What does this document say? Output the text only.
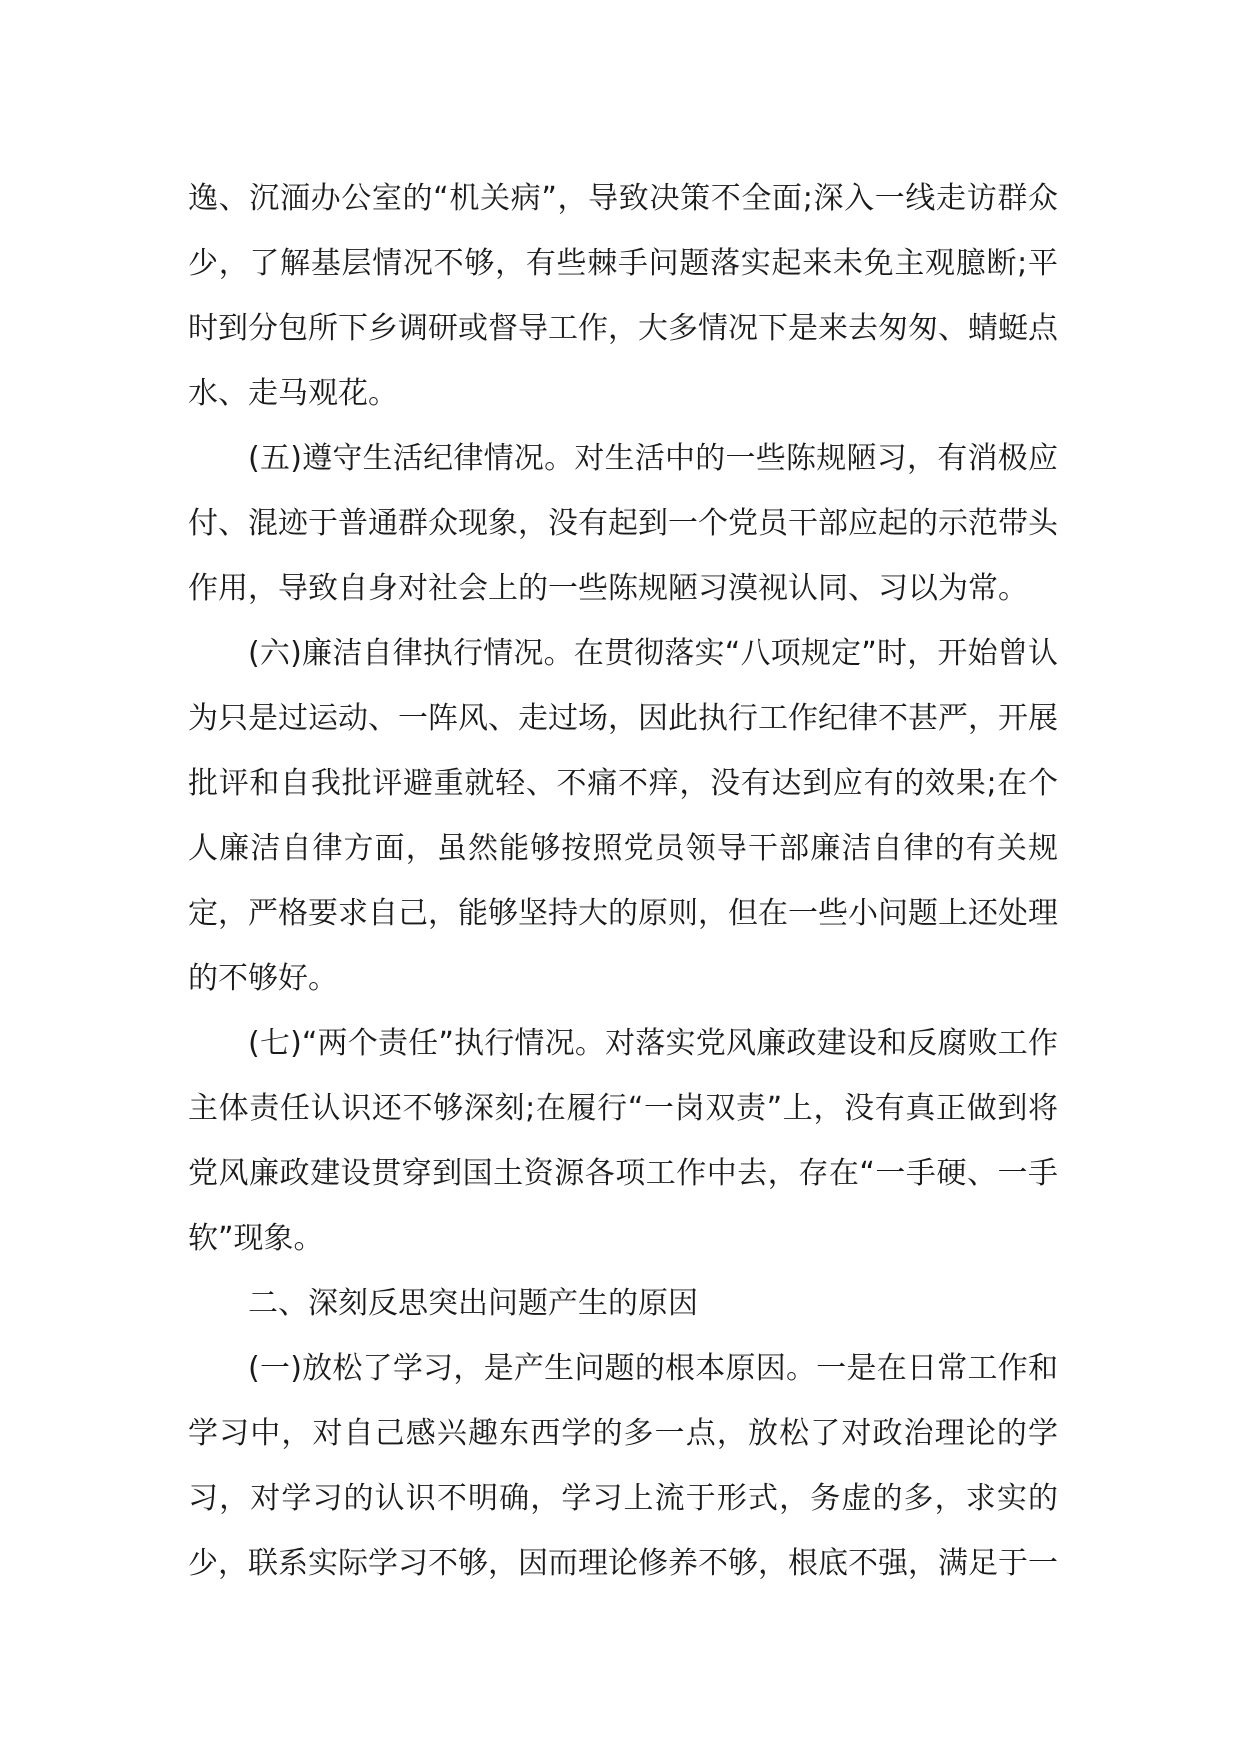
逸、沉湎办公室的“机关病”，导致决策不全面;深入一线走访群众少，了解基层情况不够，有些棘手问题落实起来未免主观臆断;平时到分包所下乡调研或督导工作，大多情况下是来去匆匆、蜻蜓点水、走马观花。

(五)遵守生活纪律情况。对生活中的一些陈规陋习，有消极应付、混迹于普通群众现象，没有起到一个党员干部应起的示范带头作用，导致自身对社会上的一些陈规陋习漠视认同、习以为常。

(六)廉洁自律执行情况。在贯彻落实“八项规定”时，开始曾认为只是过运动、一阵风、走过场，因此执行工作纪律不甚严，开展批评和自我批评避重就轻、不痛不痒，没有达到应有的效果;在个人廉洁自律方面，虽然能够按照党员领导干部廉洁自律的有关规定，严格要求自己，能够坚持大的原则，但在一些小问题上还处理的不够好。

(七)“两个责任”执行情况。对落实党风廉政建设和反腐败工作主体责任认识还不够深刻;在履行“一岗双责”上，没有真正做到将党风廉政建设贯穿到国土资源各项工作中去，存在“一手硬、一手软”现象。

二、深刻反思突出问题产生的原因

(一)放松了学习，是产生问题的根本原因。一是在日常工作和学习中，对自己感兴趣东西学的多一点，放松了对政治理论的学习，对学习的认识不明确，学习上流于形式，务虚的多，求实的少，联系实际学习不够，因而理论修养不够，根底不强，满足于一
